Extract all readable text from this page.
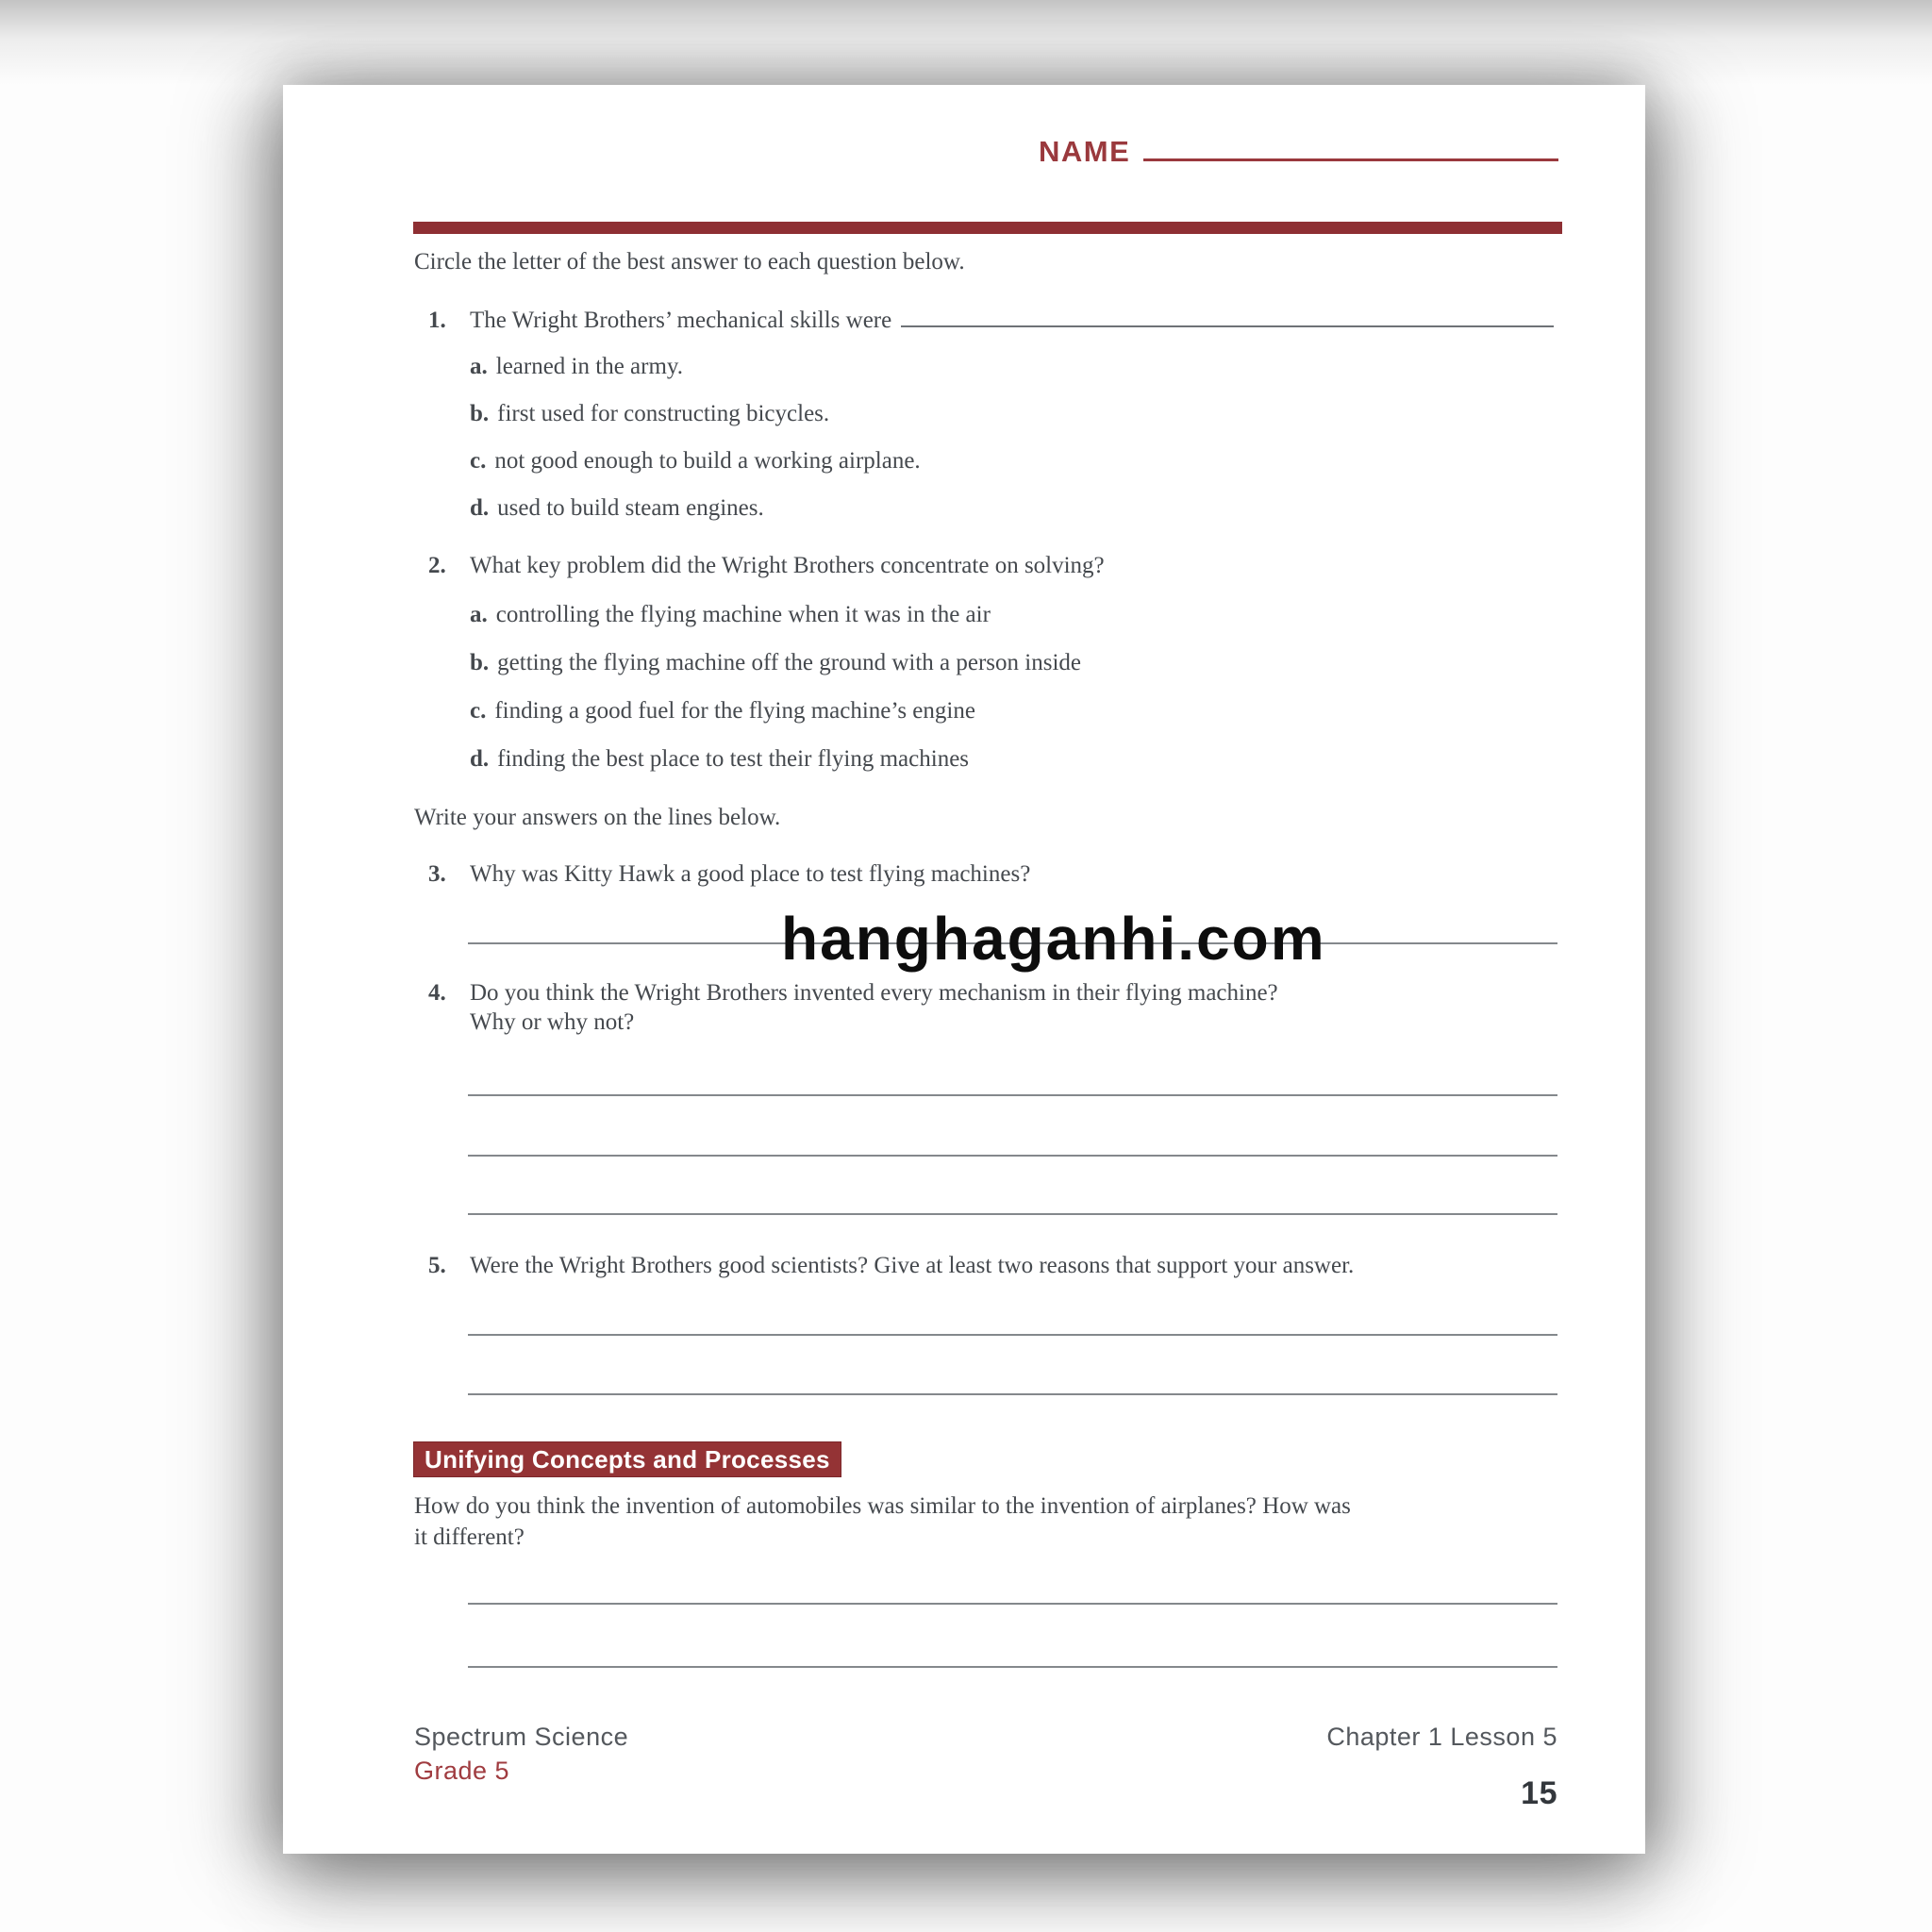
NAME
Circle the letter of the best answer to each question below.
1.	The Wright Brothers’ mechanical skills were
a. learned in the army.
b. first used for constructing bicycles.
c. not good enough to build a working airplane.
d. used to build steam engines.
2.	What key problem did the Wright Brothers concentrate on solving?
a. controlling the flying machine when it was in the air
b. getting the flying machine off the ground with a person inside
c. finding a good fuel for the flying machine’s engine
d. finding the best place to test their flying machines
Write your answers on the lines below.
3.	Why was Kitty Hawk a good place to test flying machines?
hanghaganhi.com
4.	Do you think the Wright Brothers invented every mechanism in their flying machine?
Why or why not?
5.	Were the Wright Brothers good scientists? Give at least two reasons that support your answer.
Unifying Concepts and Processes
How do you think the invention of automobiles was similar to the invention of airplanes? How was
it different?
Spectrum Science
Grade 5
Chapter 1 Lesson 5
15
